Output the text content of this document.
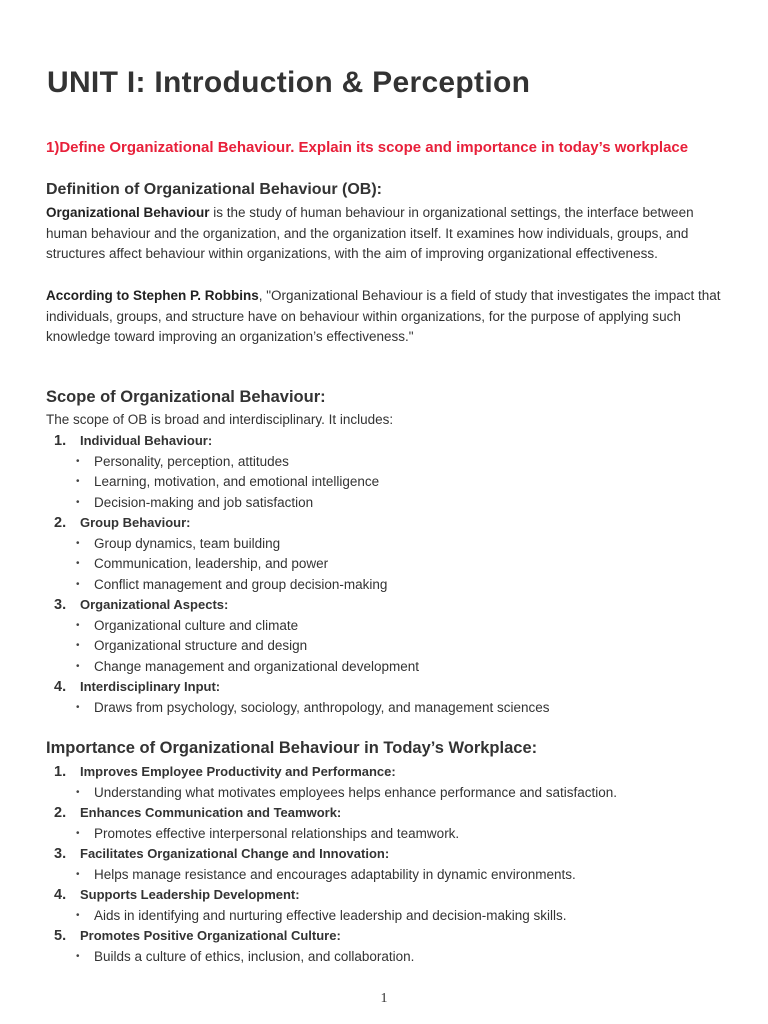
UNIT I: Introduction & Perception

1)Define Organizational Behaviour. Explain its scope and importance in today’s workplace

Definition of Organizational Behaviour (OB):

Organizational Behaviour is the study of human behaviour in organizational settings, the interface between human behaviour and the organization, and the organization itself. It examines how individuals, groups, and structures affect behaviour within organizations, with the aim of improving organizational effectiveness.

According to Stephen P. Robbins, "Organizational Behaviour is a field of study that investigates the impact that individuals, groups, and structure have on behaviour within organizations, for the purpose of applying such knowledge toward improving an organization’s effectiveness."

Scope of Organizational Behaviour:

The scope of OB is broad and interdisciplinary. It includes:

1.	Individual Behaviour:
• Personality, perception, attitudes
• Learning, motivation, and emotional intelligence
• Decision-making and job satisfaction
2.	Group Behaviour:
• Group dynamics, team building
• Communication, leadership, and power
• Conflict management and group decision-making
3.	Organizational Aspects:
• Organizational culture and climate
• Organizational structure and design
• Change management and organizational development
4.	Interdisciplinary Input:
• Draws from psychology, sociology, anthropology, and management sciences
Importance of Organizational Behaviour in Today’s Workplace:
1.	Improves Employee Productivity and Performance:
• Understanding what motivates employees helps enhance performance and satisfaction.
2.	Enhances Communication and Teamwork:
• Promotes effective interpersonal relationships and teamwork.
3.	Facilitates Organizational Change and Innovation:
• Helps manage resistance and encourages adaptability in dynamic environments.
4.	Supports Leadership Development:
• Aids in identifying and nurturing effective leadership and decision-making skills.
5.	Promotes Positive Organizational Culture:
• Builds a culture of ethics, inclusion, and collaboration.
1
